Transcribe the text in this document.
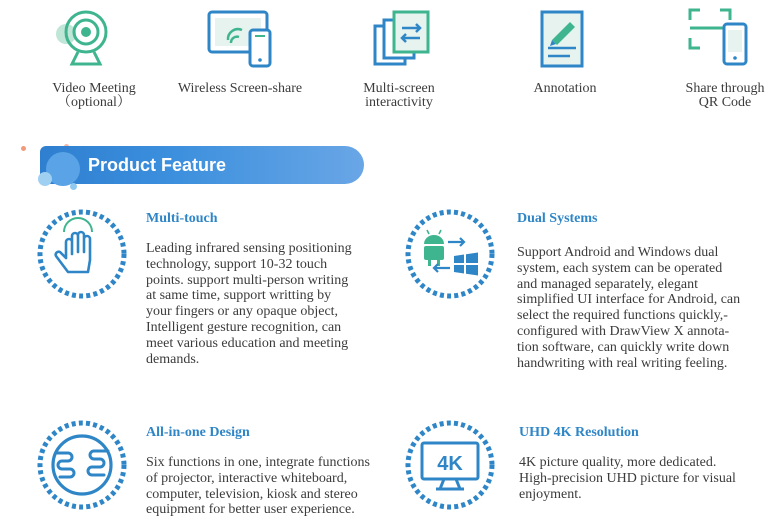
Video Meeting
（optional）
Wireless Screen-share	Multi-screen
interactivity
Annotation	Share through
QR Code
Product Feature
Multi-touch
Leading infrared sensing positioning
technology, support 10-32 touch
points. support multi-person writing
at same time, support writting by
your fingers or any opaque object,
Intelligent gesture recognition, can
meet various education and meeting
demands.
Dual Systems
Support Android and Windows dual
system, each system can be operated
and managed separately, elegant
simplified UI interface for Android, can
select the required functions quickly,-
configured with DrawView X annota-
tion software, can quickly write down
handwriting with real writing feeling.
All-in-one Design
Six functions in one, integrate functions
of projector, interactive whiteboard,
computer, television, kiosk and stereo
equipment for better user experience.
4K
UHD 4K Resolution
4K picture quality, more dedicated.
High-precision UHD picture for visual
enjoyment.
